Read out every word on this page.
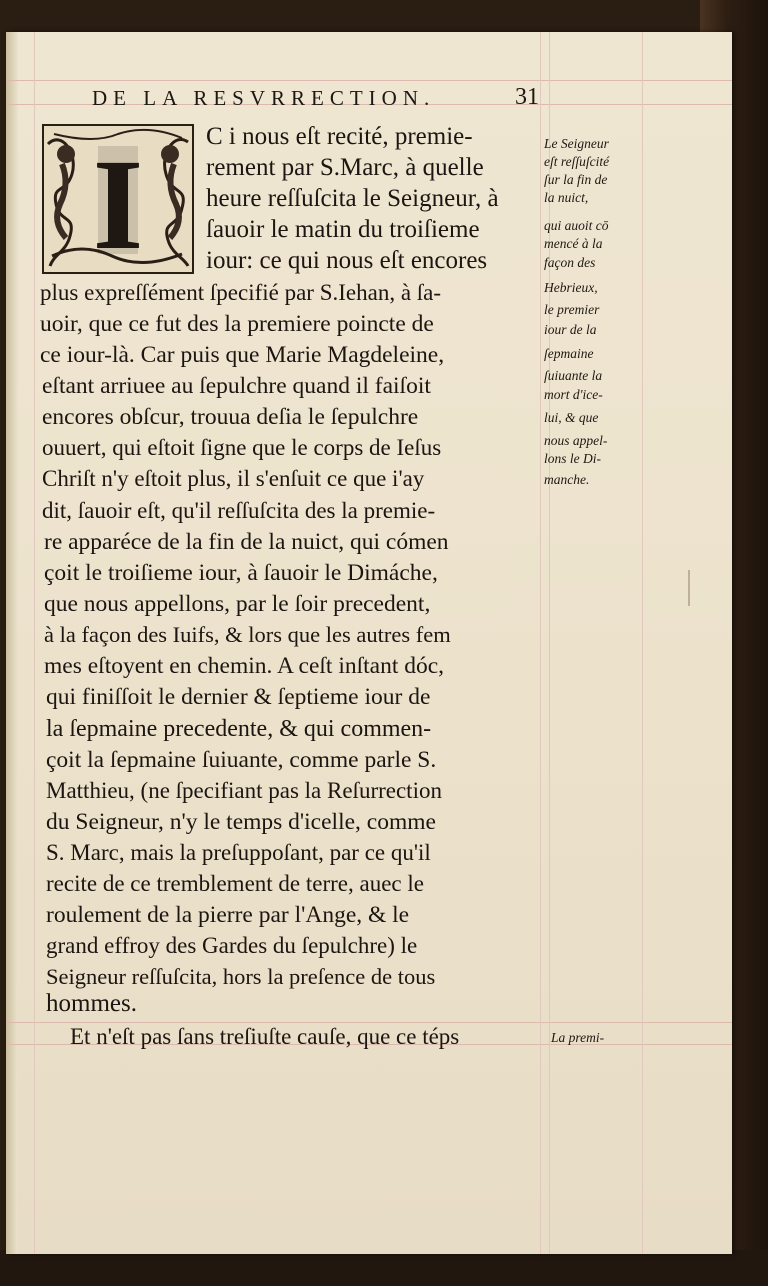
DE LA RESVRRECTION.	31
I	C i nous eſt recité, premie-
rement par S.Marc, à quelle
heure reſſuſcita le Seigneur, à
ſauoir le matin du troiſieme
iour: ce qui nous eſt encores
plus expreſſément ſpecifié par S.Iehan, à ſa-
uoir, que ce fut des la premiere poincte de
ce iour-là. Car puis que Marie Magdeleine,
eſtant arriuee au ſepulchre quand il faiſoit
encores obſcur, trouua deſia le ſepulchre
ouuert, qui eſtoit ſigne que le corps de Ieſus
Chriſt n'y eſtoit plus, il s'enſuit ce que i'ay
dit, ſauoir eſt, qu'il reſſuſcita des la premie-
re apparéce de la fin de la nuict, qui cómen
çoit le troiſieme iour, à ſauoir le Dimáche,
que nous appellons, par le ſoir precedent,
à la façon des Iuifs, & lors que les autres fem
mes eſtoyent en chemin. A ceſt inſtant dóc,
qui finiſſoit le dernier & ſeptieme iour de
la ſepmaine precedente, & qui commen-
çoit la ſepmaine ſuiuante, comme parle S.
Matthieu, (ne ſpecifiant pas la Reſurrection
du Seigneur, n'y le temps d'icelle, comme
S. Marc, mais la preſuppoſant, par ce qu'il
recite de ce tremblement de terre, auec le
roulement de la pierre par l'Ange, & le
grand effroy des Gardes du ſepulchre) le
Seigneur reſſuſcita, hors la preſence de tous
hommes.
Et n'eſt pas ſans treſiuſte cauſe, que ce téps
Le Seigneur
eſt reſſuſcité
ſur la fin de
la nuict,
qui auoit cō
mencé à la
façon des
Hebrieux,
le premier
iour de la
ſepmaine
ſuiuante la
mort d'ice-
lui, & que
nous appel-
lons le Di-
manche.
La premi-
